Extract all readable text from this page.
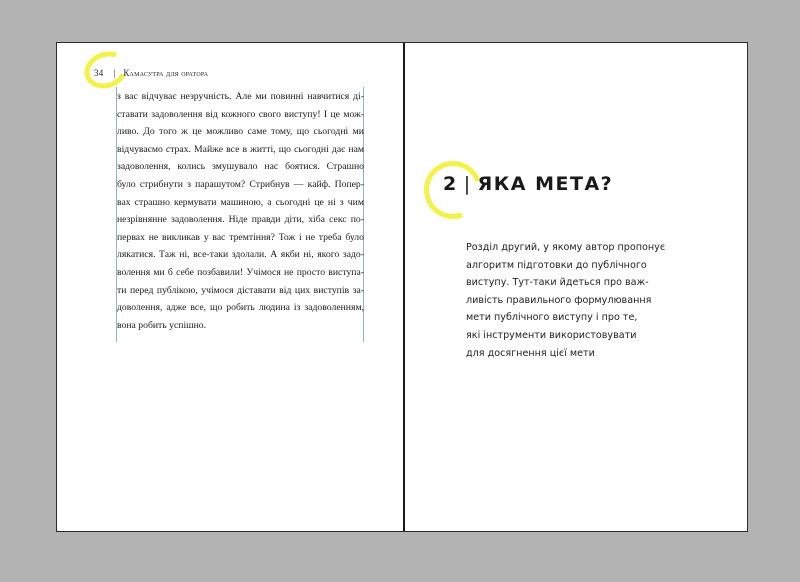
34 | Камасутра для оратора
з вас відчуває незручність. Але ми повинні навчитися ді-
ставати задоволення від кожного свого виступу! І це мож-
ливо. До того ж це можливо саме тому, що сьогодні ми
відчуваємо страх. Майже все в житті, що сьогодні дає нам
задоволення, колись змушувало нас боятися. Страшно
було стрибнути з парашутом? Стрибнув — кайф. Попер-
вах страшно кермувати машиною, а сьогодні це ні з чим
незрівнянне задоволення. Ніде правди діти, хіба секс по-
первах не викликав у вас тремтіння? Тож і не треба було
лякатися. Таж ні, все-таки здолали. А якби ні, якого задо-
волення ми б себе позбавили! Учімося не просто виступа-
ти перед публікою, учімося діставати від цих виступів за-
доволення, адже все, що робить людина із задоволенням,
вона робить успішно.
2 | ЯКА МЕТА?
Розділ другий, у якому автор пропонує
алгоритм підготовки до публічного
виступу. Тут-таки йдеться про важ-
ливість правильного формулювання
мети публічного виступу і про те,
які інструменти використовувати
для досягнення цієї мети
